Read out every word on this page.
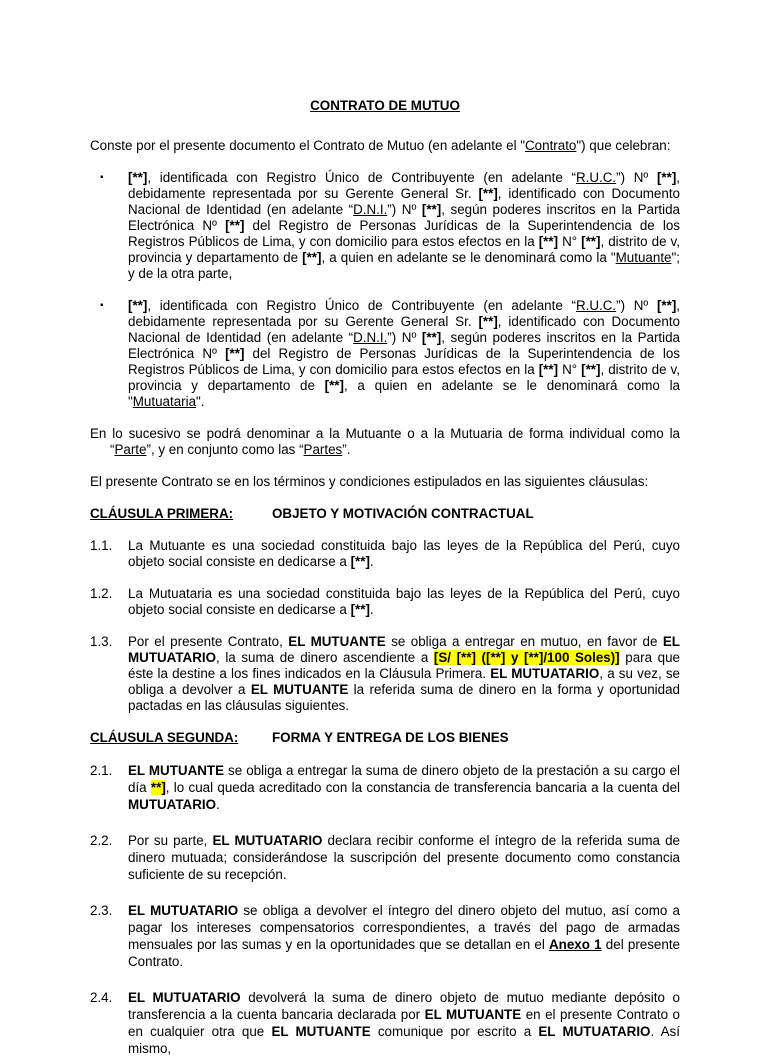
CONTRATO DE MUTUO

Conste por el presente documento el Contrato de Mutuo (en adelante el "Contrato") que celebran:

▪ [**], identificada con Registro Único de Contribuyente (en adelante “R.U.C.”) Nº [**], debidamente representada por su Gerente General Sr. [**], identificado con Documento Nacional de Identidad (en adelante “D.N.I.”) Nº [**], según poderes inscritos en la Partida Electrónica Nº [**] del Registro de Personas Jurídicas de la Superintendencia de los Registros Públicos de Lima, y con domicilio para estos efectos en la [**] N° [**], distrito de v, provincia y departamento de [**], a quien en adelante se le denominará como la "Mutuante"; y de la otra parte,
▪ [**], identificada con Registro Único de Contribuyente (en adelante “R.U.C.”) Nº [**], debidamente representada por su Gerente General Sr. [**], identificado con Documento Nacional de Identidad (en adelante “D.N.I.”) Nº [**], según poderes inscritos en la Partida Electrónica Nº [**] del Registro de Personas Jurídicas de la Superintendencia de los Registros Públicos de Lima, y con domicilio para estos efectos en la [**] N° [**], distrito de v, provincia y departamento de [**], a quien en adelante se le denominará como la "Mutuataria".

En lo sucesivo se podrá denominar a la Mutuante o a la Mutuaria de forma individual como la “Parte”, y en conjunto como las “Partes”.

El presente Contrato se en los términos y condiciones estipulados en las siguientes cláusulas:

CLÁUSULA PRIMERA:	OBJETO Y MOTIVACIÓN CONTRACTUAL
1.1. La Mutuante es una sociedad constituida bajo las leyes de la República del Perú, cuyo objeto social consiste en dedicarse a [**].
1.2. La Mutuataria es una sociedad constituida bajo las leyes de la República del Perú, cuyo objeto social consiste en dedicarse a [**].
1.3. Por el presente Contrato, EL MUTUANTE se obliga a entregar en mutuo, en favor de EL MUTUATARIO, la suma de dinero ascendiente a [S/ [**] ([**] y [**]/100 Soles)] para que éste la destine a los fines indicados en la Cláusula Primera. EL MUTUATARIO, a su vez, se obliga a devolver a EL MUTUANTE la referida suma de dinero en la forma y oportunidad pactadas en las cláusulas siguientes.
CLÁUSULA SEGUNDA:	FORMA Y ENTREGA DE LOS BIENES
2.1. EL MUTUANTE se obliga a entregar la suma de dinero objeto de la prestación a su cargo el día **], lo cual queda acreditado con la constancia de transferencia bancaria a la cuenta del MUTUATARIO.
2.2. Por su parte, EL MUTUATARIO declara recibir conforme el íntegro de la referida suma de dinero mutuada; considerándose la suscripción del presente documento como constancia suficiente de su recepción.
2.3. EL MUTUATARIO se obliga a devolver el íntegro del dinero objeto del mutuo, así como a pagar los intereses compensatorios correspondientes, a través del pago de armadas mensuales por las sumas y en la oportunidades que se detallan en el Anexo 1 del presente Contrato.
2.4. EL MUTUATARIO devolverá la suma de dinero objeto de mutuo mediante depósito o transferencia a la cuenta bancaria declarada por EL MUTUANTE en el presente Contrato o en cualquier otra que EL MUTUANTE comunique por escrito a EL MUTUATARIO. Así mismo,
